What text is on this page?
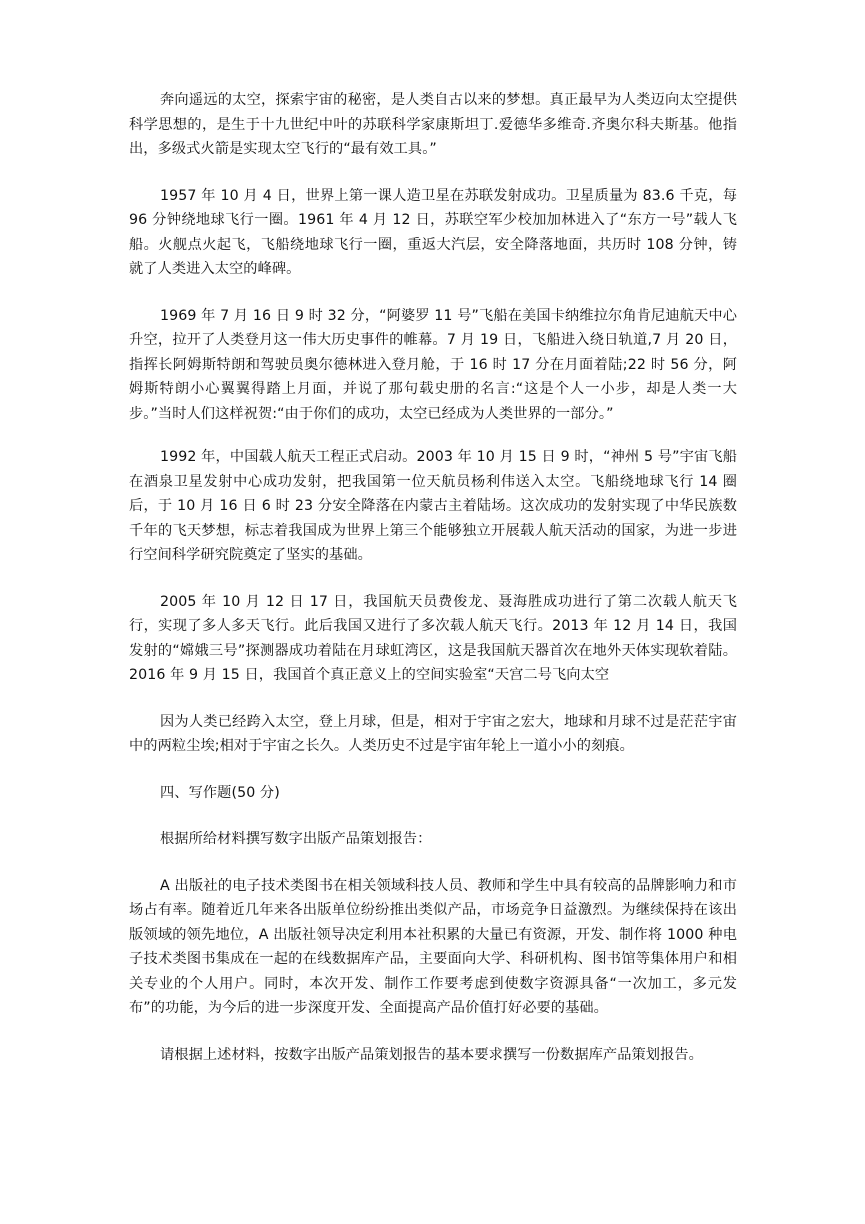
奔向遥远的太空，探索宇宙的秘密，是人类自古以来的梦想。真正最早为人类迈向太空提供科学思想的，是生于十九世纪中叶的苏联科学家康斯坦丁.爱德华多维奇.齐奥尔科夫斯基。他指出，多级式火箭是实现太空飞行的“最有效工具。”

1957 年 10 月 4 日，世界上第一课人造卫星在苏联发射成功。卫星质量为 83.6 千克，每 96 分钟绕地球飞行一圈。1961 年 4 月 12 日，苏联空军少校加加林进入了“东方一号”载人飞船。火舰点火起飞，飞船绕地球飞行一圈，重返大汽层，安全降落地面，共历时 108 分钟，铸就了人类进入太空的峰碑。

1969 年 7 月 16 日 9 时 32 分，“阿婆罗 11 号”飞船在美国卡纳维拉尔角肯尼迪航天中心升空，拉开了人类登月这一伟大历史事件的帷幕。7 月 19 日，飞船进入绕日轨道,7 月 20 日，指挥长阿姆斯特朗和驾驶员奥尔德林进入登月舱，于 16 时 17 分在月面着陆;22 时 56 分，阿姆斯特朗小心翼翼得踏上月面，并说了那句载史册的名言:“这是个人一小步，却是人类一大步。”当时人们这样祝贺:“由于你们的成功，太空已经成为人类世界的一部分。”

1992 年，中国载人航天工程正式启动。2003 年 10 月 15 日 9 时，“神州 5 号”宇宙飞船在酒泉卫星发射中心成功发射，把我国第一位天航员杨利伟送入太空。飞船绕地球飞行 14 圈后，于 10 月 16 日 6 时 23 分安全降落在内蒙古主着陆场。这次成功的发射实现了中华民族数千年的飞天梦想，标志着我国成为世界上第三个能够独立开展载人航天活动的国家，为进一步进行空间科学研究院奠定了坚实的基础。

2005 年 10 月 12 日 17 日，我国航天员费俊龙、聂海胜成功进行了第二次载人航天飞行，实现了多人多天飞行。此后我国又进行了多次载人航天飞行。2013 年 12 月 14 日，我国发射的“嫦娥三号”探测器成功着陆在月球虹湾区，这是我国航天器首次在地外天体实现软着陆。2016 年 9 月 15 日，我国首个真正意义上的空间实验室“天宫二号飞向太空

因为人类已经跨入太空，登上月球，但是，相对于宇宙之宏大，地球和月球不过是茫茫宇宙中的两粒尘埃;相对于宇宙之长久。人类历史不过是宇宙年轮上一道小小的刻痕。

四、写作题(50 分)

根据所给材料撰写数字出版产品策划报告：

A 出版社的电子技术类图书在相关领域科技人员、教师和学生中具有较高的品牌影响力和市场占有率。随着近几年来各出版单位纷纷推出类似产品，市场竞争日益激烈。为继续保持在该出版领域的领先地位，A 出版社领导决定利用本社积累的大量已有资源，开发、制作将 1000 种电子技术类图书集成在一起的在线数据库产品，主要面向大学、科研机构、图书馆等集体用户和相关专业的个人用户。同时，本次开发、制作工作要考虑到使数字资源具备“一次加工，多元发布”的功能，为今后的进一步深度开发、全面提高产品价值打好必要的基础。

请根据上述材料，按数字出版产品策划报告的基本要求撰写一份数据库产品策划报告。
